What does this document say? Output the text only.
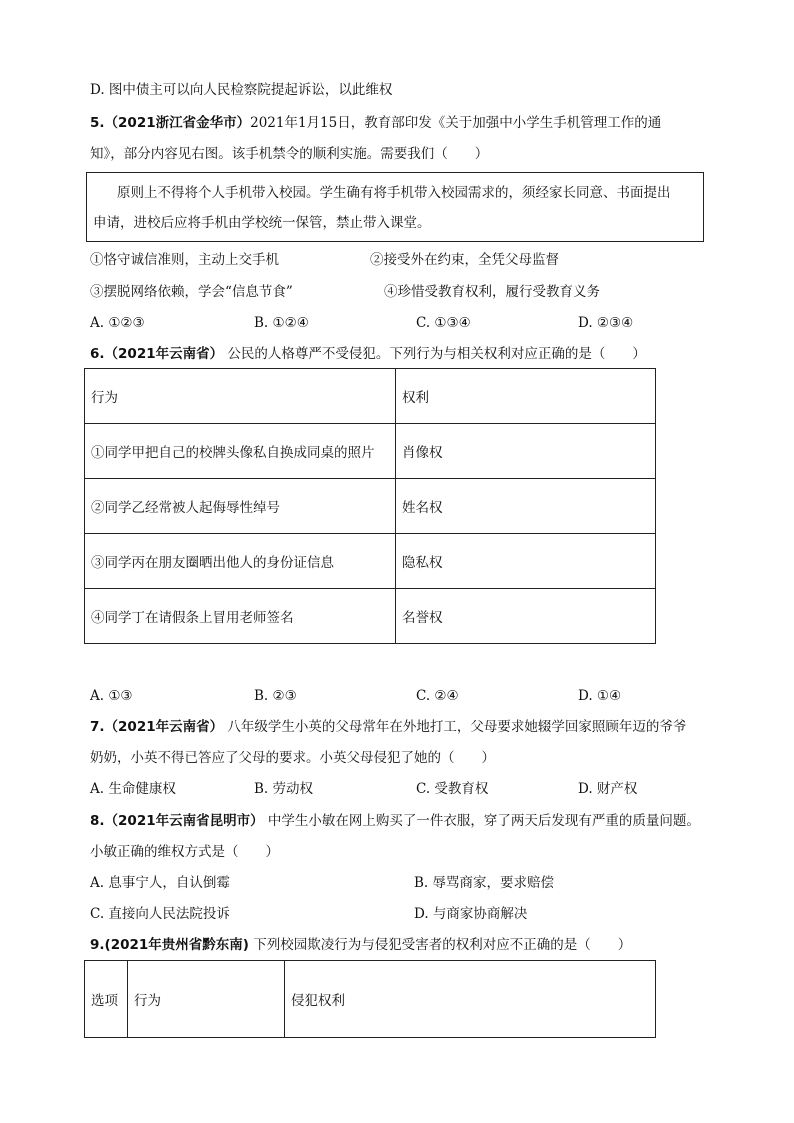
D. 图中债主可以向人民检察院提起诉讼，以此维权
5.（2021浙江省金华市）2021年1月15日，教育部印发《关于加强中小学生手机管理工作的通
知》，部分内容见右图。该手机禁令的顺利实施。需要我们（　　）
原则上不得将个人手机带入校园。学生确有将手机带入校园需求的，须经家长同意、书面提出
申请，进校后应将手机由学校统一保管，禁止带入课堂。
①恪守诚信准则，主动上交手机	②接受外在约束，全凭父母监督
③摆脱网络依赖，学会“信息节食”	④珍惜受教育权利，履行受教育义务
A. ①②③	B. ①②④	C. ①③④	D. ②③④
6.（2021年云南省） 公民的人格尊严不受侵犯。下列行为与相关权利对应正确的是（　　）
行为	权利
①同学甲把自己的校牌头像私自换成同桌的照片	肖像权
②同学乙经常被人起侮辱性绰号	姓名权
③同学丙在朋友圈晒出他人的身份证信息	隐私权
④同学丁在请假条上冒用老师签名	名誉权
A. ①③	B. ②③	C. ②④	D. ①④
7.（2021年云南省） 八年级学生小英的父母常年在外地打工，父母要求她辍学回家照顾年迈的爷爷
奶奶，小英不得已答应了父母的要求。小英父母侵犯了她的（　　）
A. 生命健康权	B. 劳动权	C. 受教育权	D. 财产权
8.（2021年云南省昆明市） 中学生小敏在网上购买了一件衣服，穿了两天后发现有严重的质量问题。
小敏正确的维权方式是（　　）
A. 息事宁人，自认倒霉	B. 辱骂商家，要求赔偿
C. 直接向人民法院投诉	D. 与商家协商解决
9.(2021年贵州省黔东南) 下列校园欺凌行为与侵犯受害者的权利对应不正确的是（　　）
选项	行为	侵犯权利
